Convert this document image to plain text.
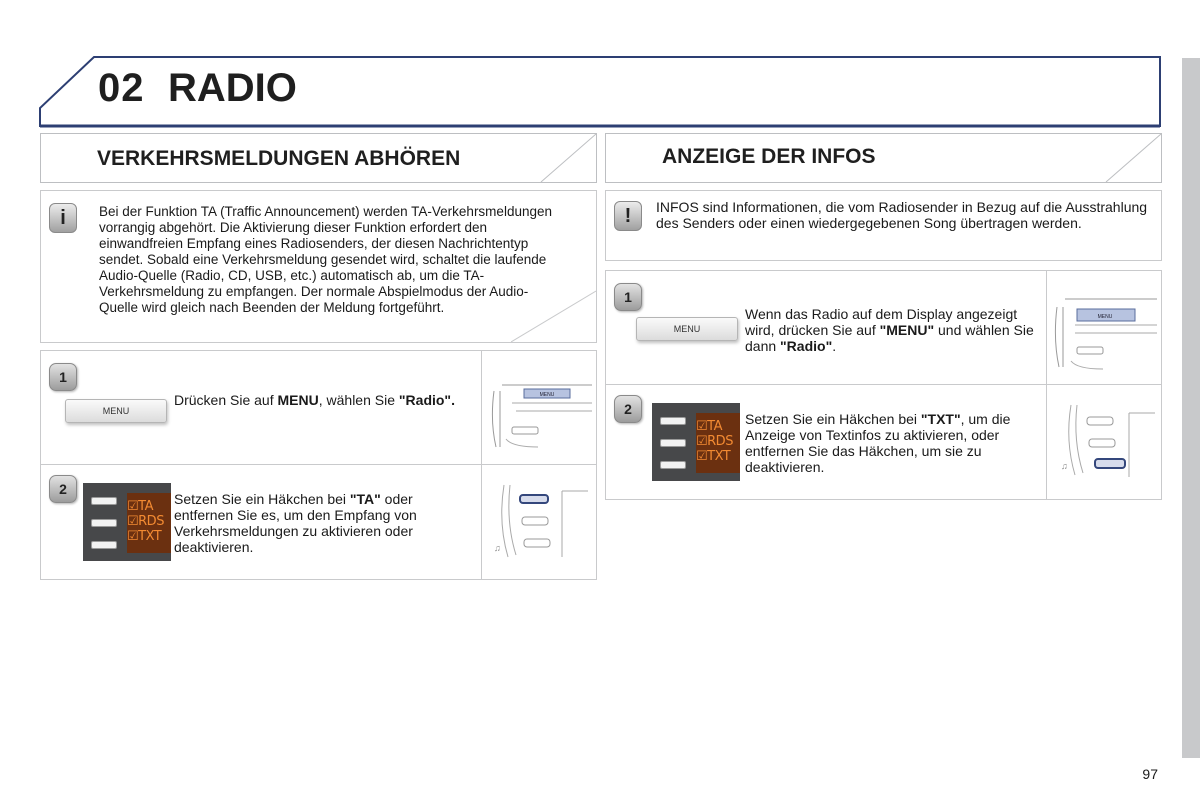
02 RADIO
VERKEHRSMELDUNGEN ABHÖREN
i	Bei der Funktion TA (Traffic Announcement) werden TA-Verkehrsmeldungen vorrangig abgehört. Die Aktivierung dieser Funktion erfordert den einwandfreien Empfang eines Radiosenders, der diesen Nachrichtentyp sendet. Sobald eine Verkehrsmeldung gesendet wird, schaltet die laufende Audio-Quelle (Radio, CD, USB, etc.) automatisch ab, um die TA-Verkehrsmeldung zu empfangen. Der normale Abspielmodus der Audio-Quelle wird gleich nach Beenden der Meldung fortgeführt.
1
MENU
Drücken Sie auf MENU, wählen Sie "Radio".	MENU
2
☑TA
☑RDS
☑TXT
Setzen Sie ein Häkchen bei "TA" oder entfernen Sie es, um den Empfang von Verkehrsmeldungen zu aktivieren oder deaktivieren.	♫
ANZEIGE DER INFOS
!	INFOS sind Informationen, die vom Radiosender in Bezug auf die Ausstrahlung des Senders oder einen wiedergegebenen Song übertragen werden.
1
MENU
Wenn das Radio auf dem Display angezeigt wird, drücken Sie auf "MENU" und wählen Sie dann "Radio".
MENU
2
☑TA
☑RDS
☑TXT
Setzen Sie ein Häkchen bei "TXT", um die Anzeige von Textinfos zu aktivieren, oder entfernen Sie das Häkchen, um sie zu deaktivieren.	♫
97
